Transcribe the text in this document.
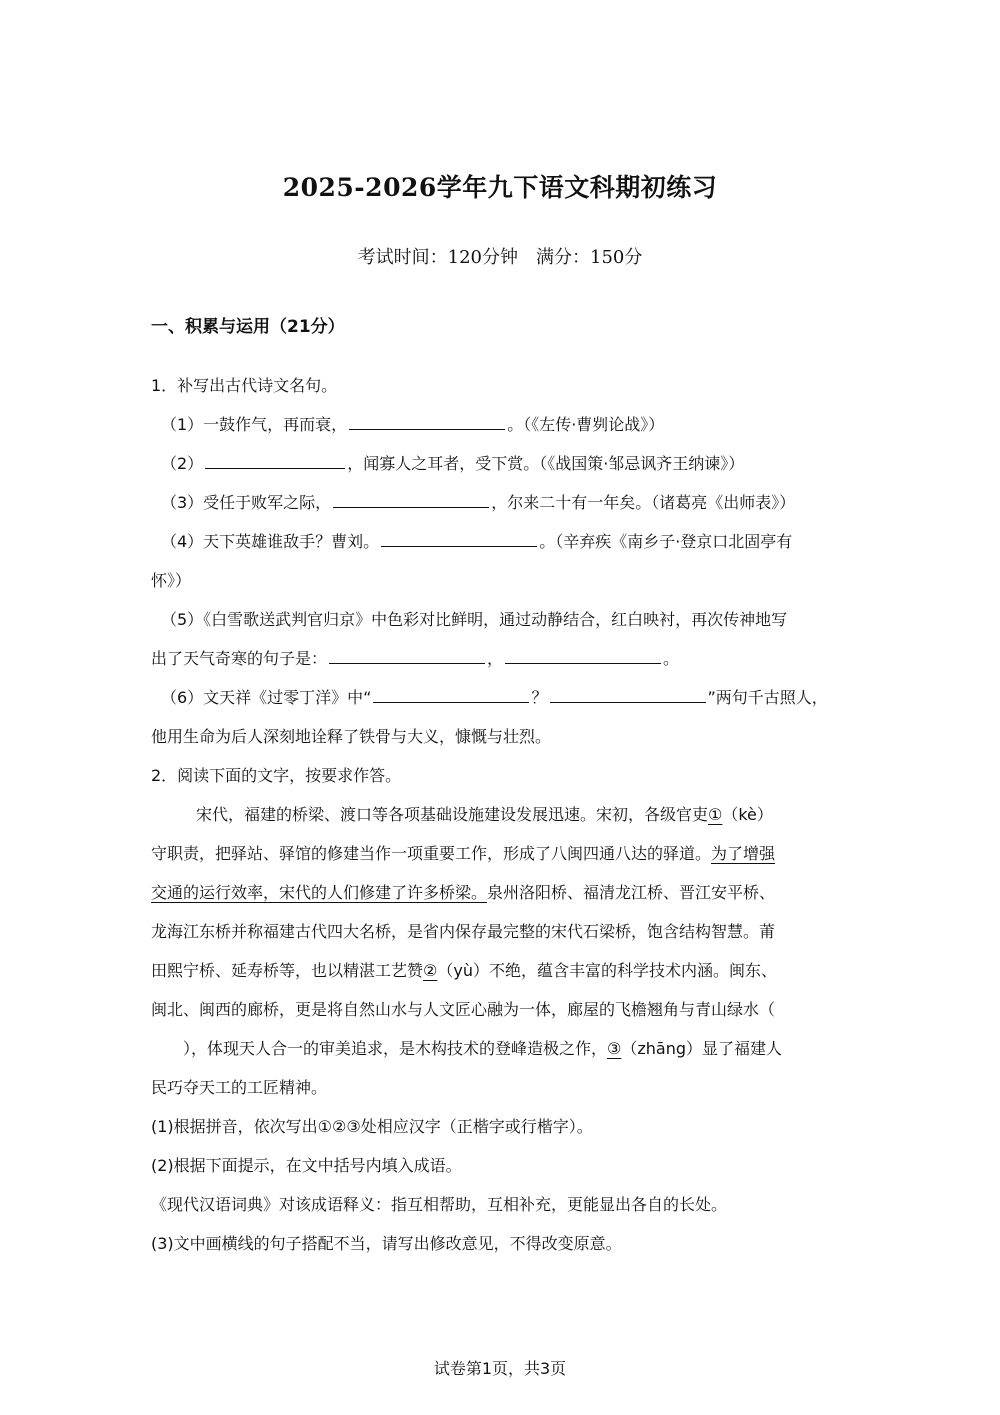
2025-2026学年九下语文科期初练习
考试时间：120分钟　满分：150分
一、积累与运用（21分）
1．补写出古代诗文名句。
（1）一鼓作气，再而衰，	。（《左传·曹刿论战》）
（2）	，闻寡人之耳者，受下赏。（《战国策·邹忌讽齐王纳谏》）
（3）受任于败军之际，	，尔来二十有一年矣。（诸葛亮《出师表》）
（4）天下英雄谁敌手？曹刘。	。（辛弃疾《南乡子·登京口北固亭有
怀》）
（5）《白雪歌送武判官归京》中色彩对比鲜明，通过动静结合，红白映衬，再次传神地写
出了天气奇寒的句子是：	，	。
（6）文天祥《过零丁洋》中“	？	”两句千古照人，
他用生命为后人深刻地诠释了铁骨与大义，慷慨与壮烈。
2．阅读下面的文字，按要求作答。
宋代，福建的桥梁、渡口等各项基础设施建设发展迅速。宋初，各级官吏①（kè）
守职责，把驿站、驿馆的修建当作一项重要工作，形成了八闽四通八达的驿道。为了增强
交通的运行效率，宋代的人们修建了许多桥梁。泉州洛阳桥、福清龙江桥、晋江安平桥、
龙海江东桥并称福建古代四大名桥，是省内保存最完整的宋代石梁桥，饱含结构智慧。莆
田熙宁桥、延寿桥等，也以精湛工艺赞②（yù）不绝，蕴含丰富的科学技术内涵。闽东、
闽北、闽西的廊桥，更是将自然山水与人文匠心融为一体，廊屋的飞檐翘角与青山绿水（
　　），体现天人合一的审美追求，是木构技术的登峰造极之作，③（zhāng）显了福建人
民巧夺天工的工匠精神。
(1)根据拼音，依次写出①②③处相应汉字（正楷字或行楷字）。
(2)根据下面提示，在文中括号内填入成语。
《现代汉语词典》对该成语释义：指互相帮助，互相补充，更能显出各自的长处。
(3)文中画横线的句子搭配不当，请写出修改意见，不得改变原意。
试卷第1页，共3页
